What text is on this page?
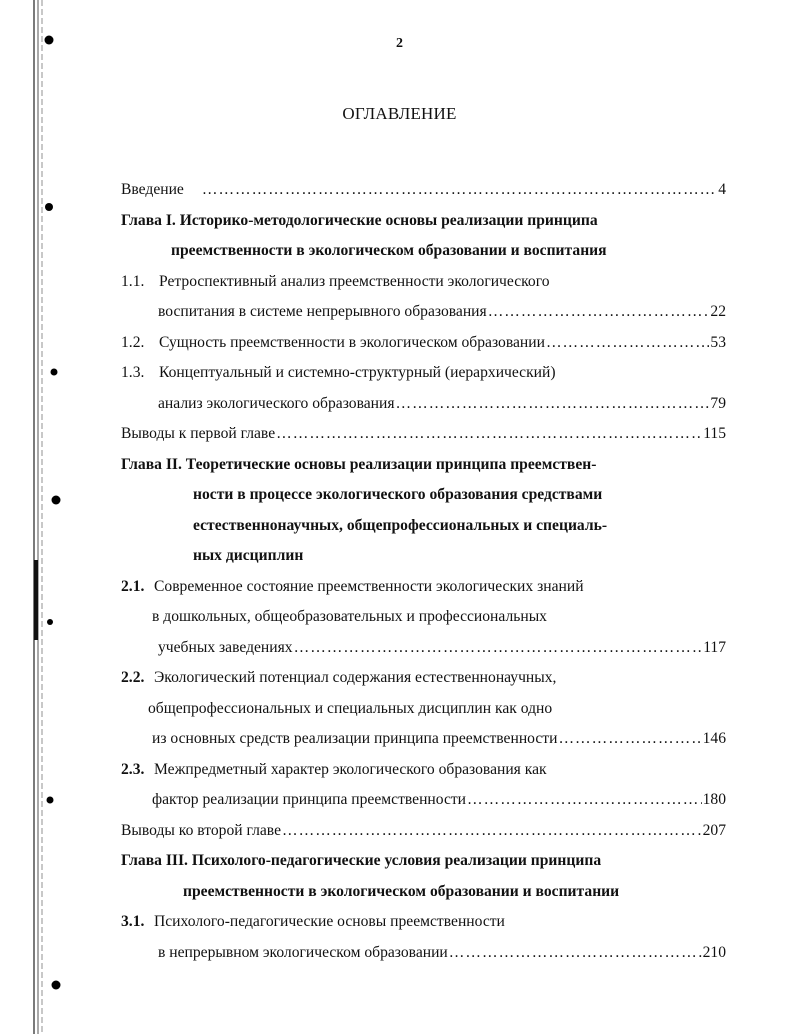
2
ОГЛАВЛЕНИЕ
Введение ………………………………………………………………………………………………………………………………………………………………	4
Глава I. Историко-методологические основы реализации принципа
преемственности в экологическом образовании и воспитания
1.1. Ретроспективный анализ преемственности экологического
воспитания в системе непрерывного образования ………………………………………………………………………………………………………………………………………………………………	22
1.2. Сущность преемственности в экологическом образовании ………………………………………………………………………………………………………………………………………………………………	53
1.3. Концептуальный и системно-структурный (иерархический)
анализ экологического образования ………………………………………………………………………………………………………………………………………………………………	79
Выводы к первой главе ………………………………………………………………………………………………………………………………………………………………	115
Глава II. Теоретические основы реализации принципа преемствен-
ности в процессе экологического образования средствами
естественнонаучных, общепрофессиональных и специаль-
ных дисциплин
2.1. Современное состояние преемственности экологических знаний
в дошкольных, общеобразовательных и профессиональных
учебных заведениях ………………………………………………………………………………………………………………………………………………………………	117
2.2. Экологический потенциал содержания естественнонаучных,
общепрофессиональных и специальных дисциплин как одно
из основных средств реализации принципа преемственности ………………………………………………………………………………………………………………………………………………………………	146
2.3. Межпредметный характер экологического образования как
фактор реализации принципа преемственности ………………………………………………………………………………………………………………………………………………………………	180
Выводы ко второй главе ………………………………………………………………………………………………………………………………………………………………	207
Глава III. Психолого-педагогические условия реализации принципа
преемственности в экологическом образовании и воспитании
3.1. Психолого-педагогические основы преемственности
в непрерывном экологическом образовании ………………………………………………………………………………………………………………………………………………………………	210
